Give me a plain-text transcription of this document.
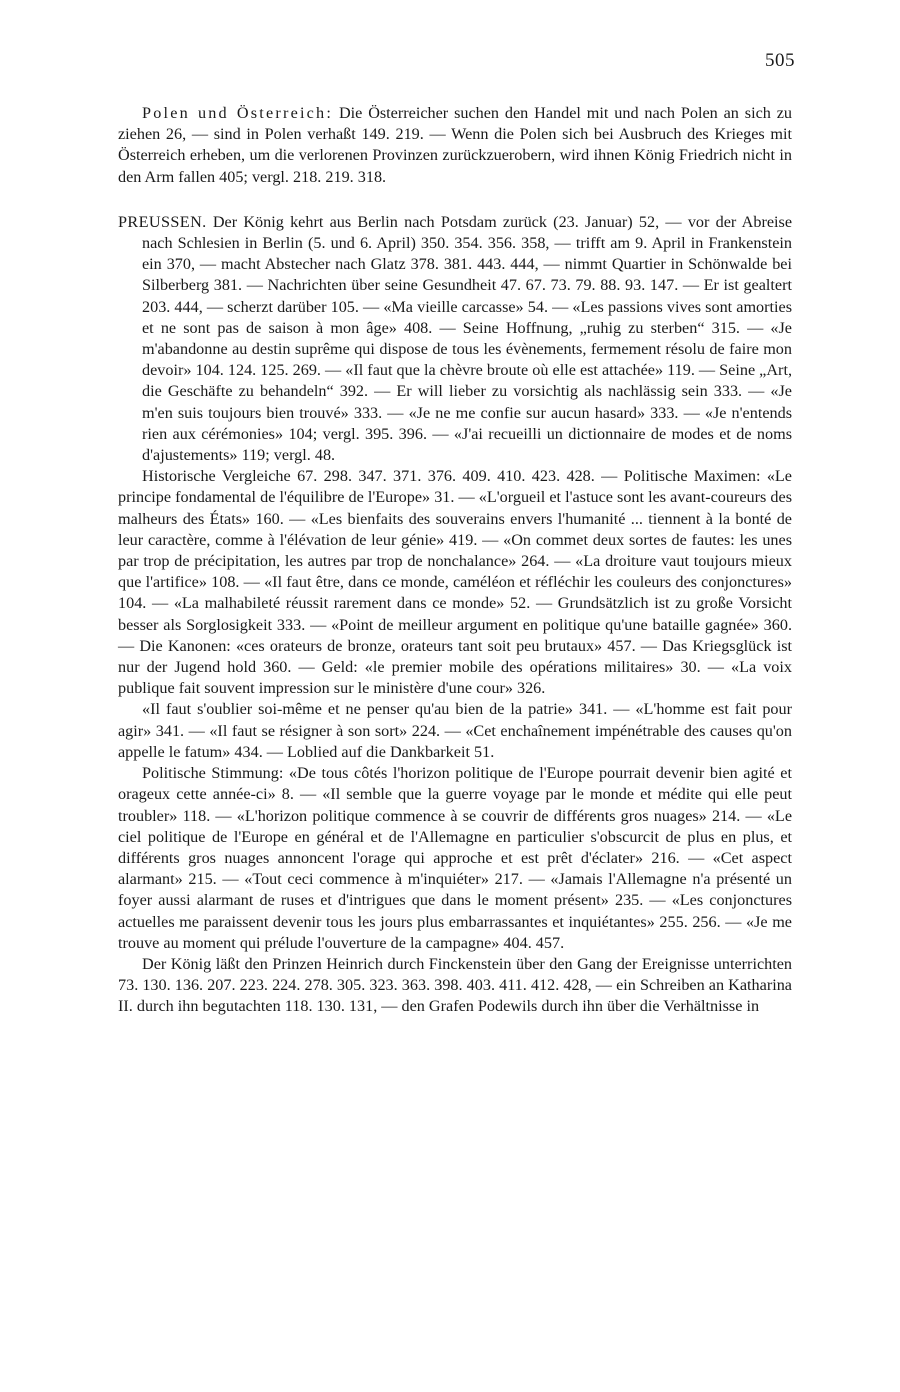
505

Polen und Österreich: Die Österreicher suchen den Handel mit und nach Polen an sich zu ziehen 26, — sind in Polen verhaßt 149. 219. — Wenn die Polen sich bei Ausbruch des Krieges mit Österreich erheben, um die verlorenen Provinzen zurückzuerobern, wird ihnen König Friedrich nicht in den Arm fallen 405; vergl. 218. 219. 318.

PREUSSEN. Der König kehrt aus Berlin nach Potsdam zurück (23. Januar) 52, — vor der Abreise nach Schlesien in Berlin (5. und 6. April) 350. 354. 356. 358, — trifft am 9. April in Frankenstein ein 370, — macht Abstecher nach Glatz 378. 381. 443. 444, — nimmt Quartier in Schönwalde bei Silberberg 381. — Nachrichten über seine Gesundheit 47. 67. 73. 79. 88. 93. 147. — Er ist gealtert 203. 444, — scherzt darüber 105. — «Ma vieille carcasse» 54. — «Les passions vives sont amorties et ne sont pas de saison à mon âge» 408. — Seine Hoffnung, „ruhig zu sterben“ 315. — «Je m'abandonne au destin suprême qui dispose de tous les évènements, fermement résolu de faire mon devoir» 104. 124. 125. 269. — «Il faut que la chèvre broute où elle est attachée» 119. — Seine „Art, die Geschäfte zu behandeln“ 392. — Er will lieber zu vorsichtig als nachlässig sein 333. — «Je m'en suis toujours bien trouvé» 333. — «Je ne me confie sur aucun hasard» 333. — «Je n'entends rien aux cérémonies» 104; vergl. 395. 396. — «J'ai recueilli un dictionnaire de modes et de noms d'ajustements» 119; vergl. 48.

Historische Vergleiche 67. 298. 347. 371. 376. 409. 410. 423. 428. — Politische Maximen: «Le principe fondamental de l'équilibre de l'Europe» 31. — «L'orgueil et l'astuce sont les avant-coureurs des malheurs des États» 160. — «Les bienfaits des souverains envers l'humanité ... tiennent à la bonté de leur caractère, comme à l'élévation de leur génie» 419. — «On commet deux sortes de fautes: les unes par trop de précipitation, les autres par trop de nonchalance» 264. — «La droiture vaut toujours mieux que l'artifice» 108. — «Il faut être, dans ce monde, caméléon et réfléchir les couleurs des conjonctures» 104. — «La malhabileté réussit rarement dans ce monde» 52. — Grundsätzlich ist zu große Vorsicht besser als Sorglosigkeit 333. — «Point de meilleur argument en politique qu'une bataille gagnée» 360. — Die Kanonen: «ces orateurs de bronze, orateurs tant soit peu brutaux» 457. — Das Kriegsglück ist nur der Jugend hold 360. — Geld: «le premier mobile des opérations militaires» 30. — «La voix publique fait souvent impression sur le ministère d'une cour» 326.

«Il faut s'oublier soi-même et ne penser qu'au bien de la patrie» 341. — «L'homme est fait pour agir» 341. — «Il faut se résigner à son sort» 224. — «Cet enchaînement impénétrable des causes qu'on appelle le fatum» 434. — Loblied auf die Dankbarkeit 51.

Politische Stimmung: «De tous côtés l'horizon politique de l'Europe pourrait devenir bien agité et orageux cette année-ci» 8. — «Il semble que la guerre voyage par le monde et médite qui elle peut troubler» 118. — «L'horizon politique commence à se couvrir de différents gros nuages» 214. — «Le ciel politique de l'Europe en général et de l'Allemagne en particulier s'obscurcit de plus en plus, et différents gros nuages annoncent l'orage qui approche et est prêt d'éclater» 216. — «Cet aspect alarmant» 215. — «Tout ceci commence à m'inquiéter» 217. — «Jamais l'Allemagne n'a présenté un foyer aussi alarmant de ruses et d'intrigues que dans le moment présent» 235. — «Les conjonctures actuelles me paraissent devenir tous les jours plus embarrassantes et inquiétantes» 255. 256. — «Je me trouve au moment qui prélude l'ouverture de la campagne» 404. 457.

Der König läßt den Prinzen Heinrich durch Finckenstein über den Gang der Ereignisse unterrichten 73. 130. 136. 207. 223. 224. 278. 305. 323. 363. 398. 403. 411. 412. 428, — ein Schreiben an Katharina II. durch ihn begutachten 118. 130. 131, — den Grafen Podewils durch ihn über die Verhältnisse in
